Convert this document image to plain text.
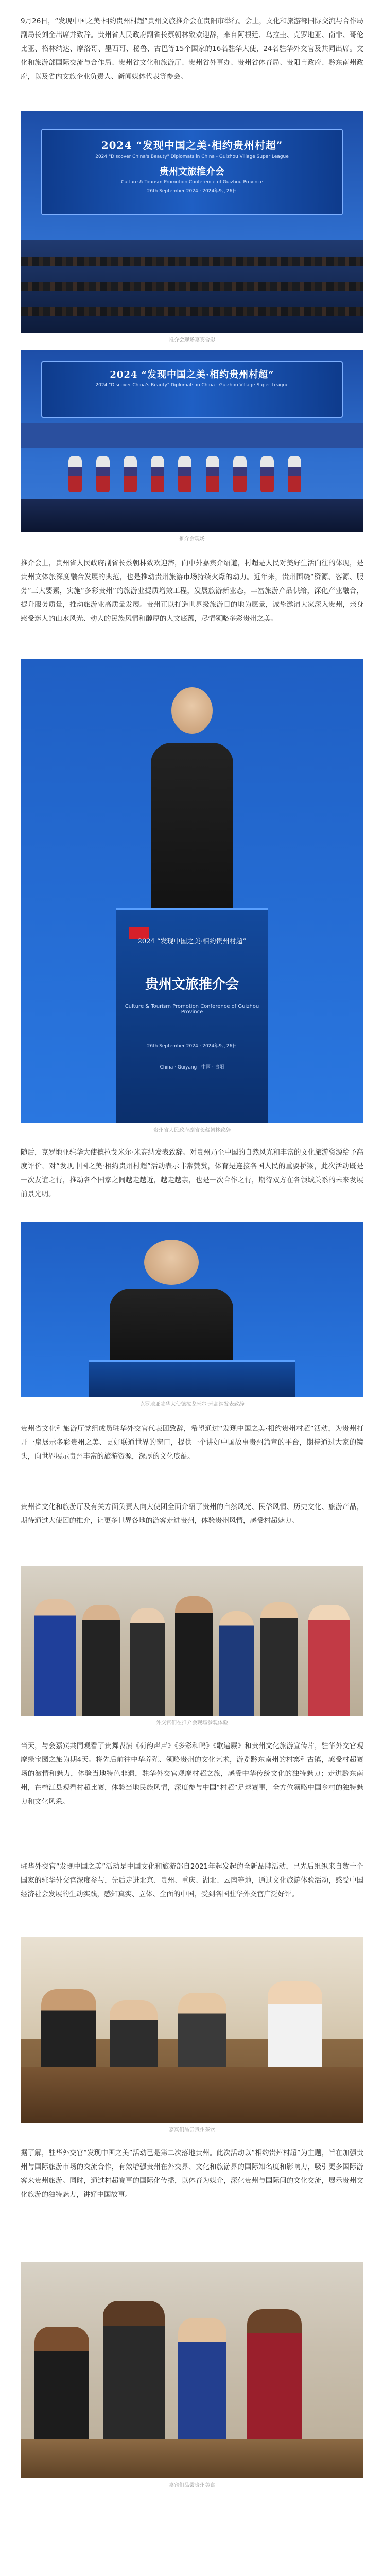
9月26日，“发现中国之美·相约贵州村超”贵州文旅推介会在贵阳市举行。会上，文化和旅游部国际交流与合作局副局长刘全出席并致辞。贵州省人民政府副省长蔡朝林致欢迎辞，来自阿根廷、乌拉圭、克罗地亚、南非、哥伦比亚、格林纳达、摩洛哥、墨西哥、秘鲁、古巴等15个国家的16名驻华大使，24名驻华外交官及共同出席。文化和旅游部国际交流与合作局、贵州省文化和旅游厅、贵州省外事办、贵州省体育局、贵阳市政府、黔东南州政府，以及省内文旅企业负责人、新闻媒体代表等参会。

2024 “发现中国之美·相约贵州村超”
2024 "Discover China's Beauty" Diplomats in China - Guizhou Village Super League
贵州文旅推介会
Culture & Tourism Promotion Conference of Guizhou Province
26th September 2024 · 2024年9月26日

推介会现场嘉宾合影

2024 “发现中国之美·相约贵州村超”
2024 "Discover China's Beauty" Diplomats in China · Guizhou Village Super League

推介会现场

推介会上，贵州省人民政府副省长蔡朝林致欢迎辞，向中外嘉宾介绍道，村超是人民对美好生活向往的体现，是贵州文体旅深度融合发展的典范，也是推动贵州旅游市场持续火爆的动力。近年来，贵州围绕“资源、客源、服务”三大要素，实施“多彩贵州”的旅游业提质增效工程，发展旅游新业态，丰富旅游产品供给，深化产业融合，提升服务质量，推动旅游业高质量发展。贵州正以打造世界级旅游目的地为愿景，诚挚邀请大家深入贵州，亲身感受迷人的山水风光、动人的民族风情和醇厚的人文底蕴，尽情领略多彩贵州之美。

2024 “发现中国之美·相约贵州村超”
贵州文旅推介会
Culture & Tourism Promotion Conference of Guizhou Province
26th September 2024 · 2024年9月26日
China · Guiyang · 中国 · 贵阳

贵州省人民政府副省长蔡朝林致辞

随后，克罗地亚驻华大使德拉戈米尔·米高纳发表致辞。对贵州乃至中国的自然风光和丰富的文化旅游资源给予高度评价，对“发现中国之美·相约贵州村超”活动表示非常赞赏，体育是连接各国人民的重要桥梁，此次活动既是一次友谊之行，推动各个国家之间越走越近，越走越亲，也是一次合作之行，期待双方在各领域关系的未来发展前景光明。

克罗地亚驻华大使德拉戈米尔·米高纳发表致辞

贵州省文化和旅游厅党组成员驻华外交官代表团致辞，希望通过“发现中国之美·相约贵州村超”活动，为贵州打开一扇展示多彩贵州之美、更好联通世界的窗口，提供一个讲好中国故事贵州篇章的平台，期待通过大家的镜头，向世界展示贵州丰富的旅游资源，深厚的文化底蕴。

贵州省文化和旅游厅及有关方面负责人向大使团全面介绍了贵州的自然风光、民俗风情、历史文化、旅游产品，期待通过大使团的推介，让更多世界各地的游客走进贵州，体验贵州风情，感受村超魅力。

外交官们在推介会现场参观体验

当天，与会嘉宾共同观看了贵舞表演《荷韵声声》《多彩和鸣》《歌遍蕨》和贵州文化旅游宣传片，驻华外交官观摩绿宝园之旅为期4天。将先后前往中华养殖、领略贵州的文化艺术，游览黔东南州的村寨和古镇，感受村超赛场的激情和魅力，体验当地特色非遗，驻华外交官观摩村超之旅，感受中华传统文化的独特魅力；走进黔东南州，在榕江县观看村超比赛，体验当地民族风情，深度参与中国“村超”足球赛事，全方位领略中国乡村的独特魅力和文化风采。

驻华外交官“发现中国之美”活动是中国文化和旅游部自2021年起发起的全新品牌活动，已先后组织来自数十个国家的驻华外交官深度参与，先后走进北京、贵州、重庆、湖北、云南等地，通过文化旅游体验活动，感受中国经济社会发展的生动实践，感知真实、立体、全面的中国，受到各国驻华外交官广泛好评。

嘉宾们品尝贵州茶饮

据了解，驻华外交官“发现中国之美”活动已是第二次落地贵州。此次活动以“相约贵州村超”为主题，旨在加强贵州与国际旅游市场的交流合作，有效增强贵州在外交界、文化和旅游界的国际知名度和影响力，吸引更多国际游客来贵州旅游。同时，通过村超赛事的国际化传播，以体育为媒介，深化贵州与国际间的文化交流，展示贵州文化旅游的独特魅力，讲好中国故事。

嘉宾们品尝贵州美食
